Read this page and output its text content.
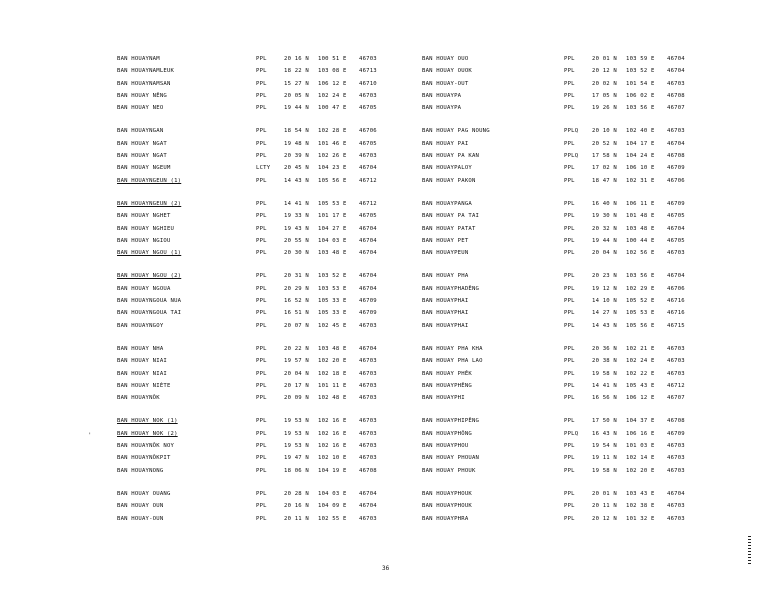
BAN HOUAYNAM	PPL	20 16 N 100 51 E 46703
BAN HOUAYNAMLEUK	PPL	18 22 N 103 08 E 46713
BAN HOUAYNAMSAN	PPL	15 27 N 106 12 E 46710
BAN HOUAY NÊNG	PPL	20 05 N 102 24 E 46703
BAN HOUAY NEO	PPL	19 44 N 100 47 E 46705
BAN HOUAYNGAN	PPL	18 54 N 102 28 E 46706
BAN HOUAY NGAT	PPL	19 48 N 101 46 E 46705
BAN HOUAY NGAT	PPL	20 39 N 102 26 E 46703
BAN HOUAY NGEUM	LCTY 20 45 N 104 23 E 46704
BAN HOUAYNGEUN (1)	PPL	14 43 N 105 56 E 46712
BAN HOUAYNGEUN (2)	PPL	14 41 N 105 53 E 46712
BAN HOUAY NGHET	PPL	19 33 N 101 17 E 46705
BAN HOUAY NGHIEU	PPL	19 43 N 104 27 E 46704
BAN HOUAY NGIOU	PPL	20 55 N 104 03 E 46704
BAN HOUAY NGOU (1)	PPL	20 30 N 103 48 E 46704
BAN HOUAY NGOU (2)	PPL	20 31 N 103 52 E 46704
BAN HOUAY NGOUA	PPL	20 29 N 103 53 E 46704
BAN HOUAYNGOUA NUA	PPL	16 52 N 105 33 E 46709
BAN HOUAYNGOUA TAI	PPL	16 51 N 105 33 E 46709
BAN HOUAYNGOY	PPL	20 07 N 102 45 E 46703
BAN HOUAY NHA	PPL	20 22 N 103 48 E 46704
BAN HOUAY NIAI	PPL	19 57 N 102 20 E 46703
BAN HOUAY NIAI	PPL	20 04 N 102 18 E 46703
BAN HOUAY NIÈTE	PPL	20 17 N 101 11 E 46703
BAN HOUAYNÔK	PPL	20 09 N 102 48 E 46703
BAN HOUAY NOK (1)	PPL	19 53 N 102 16 E 46703
BAN HOUAY NOK (2)	PPL	19 53 N 102 16 E 46703
BAN HOUAYNÔK NOY	PPL	19 53 N 102 16 E 46703
BAN HOUAYNÔKPIT	PPL	19 47 N 102 10 E 46703
BAN HOUAYNONG	PPL	18 06 N 104 19 E 46708
BAN HOUAY OUANG	PPL	20 28 N 104 03 E 46704
BAN HOUAY OUN	PPL	20 16 N 104 09 E 46704
BAN HOUAY-OUN	PPL	20 11 N 102 55 E 46703
BAN HOUAY OUO	PPL	20 01 N 103 59 E 46704
BAN HOUAY OUOK	PPL	20 12 N 103 52 E 46704
BAN HOUAY-OUT	PPL	20 02 N 101 54 E 46703
BAN HOUAYPA	PPL	17 05 N 106 02 E 46708
BAN HOUAYPA	PPL	19 26 N 103 56 E 46707
BAN HOUAY PAG NOUNG	PPLQ 20 10 N 102 40 E 46703
BAN HOUAY PAI	PPL	20 52 N 104 17 E 46704
BAN HOUAY PA KAN	PPLQ 17 58 N 104 24 E 46708
BAN HOUAYPALOY	PPL	17 02 N 106 10 E 46709
BAN HOUAY PAKON	PPL	18 47 N 102 31 E 46706
BAN HOUAYPANGA	PPL	16 40 N 106 11 E 46709
BAN HOUAY PA TAI	PPL	19 30 N 101 48 E 46705
BAN HOUAY PATAT	PPL	20 32 N 103 48 E 46704
BAN HOUAY PET	PPL	19 44 N 100 44 E 46705
BAN HOUAYPEUN	PPL	20 04 N 102 56 E 46703
BAN HOUAY PHA	PPL	20 23 N 103 56 E 46704
BAN HOUAYPHADÊNG	PPL	19 12 N 102 29 E 46706
BAN HOUAYPHAI	PPL	14 10 N 105 52 E 46716
BAN HOUAYPHAI	PPL	14 27 N 105 53 E 46716
BAN HOUAYPHAI	PPL	14 43 N 105 56 E 46715
BAN HOUAY PHA KHA	PPL	20 36 N 102 21 E 46703
BAN HOUAY PHA LAO	PPL	20 38 N 102 24 E 46703
BAN HOUAY PHÊK	PPL	19 58 N 102 22 E 46703
BAN HOUAYPHÊNG	PPL	14 41 N 105 43 E 46712
BAN HOUAYPHI	PPL	16 56 N 106 12 E 46707
BAN HOUAYPHIPÊNG	PPL	17 50 N 104 37 E 46708
BAN HOUAYPHÔNG	PPLQ 16 43 N 106 16 E 46709
BAN HOUAYPHOU	PPL	19 54 N 101 03 E 46703
BAN HOUAY PHOUAN	PPL	19 11 N 102 14 E 46703
BAN HOUAY PHOUK	PPL	19 58 N 102 20 E 46703
BAN HOUAYPHOUK	PPL	20 01 N 103 43 E 46704
BAN HOUAYPHOUK	PPL	20 11 N 102 38 E 46703
BAN HOUAYPHRA	PPL	20 12 N 101 32 E 46703
'
36
